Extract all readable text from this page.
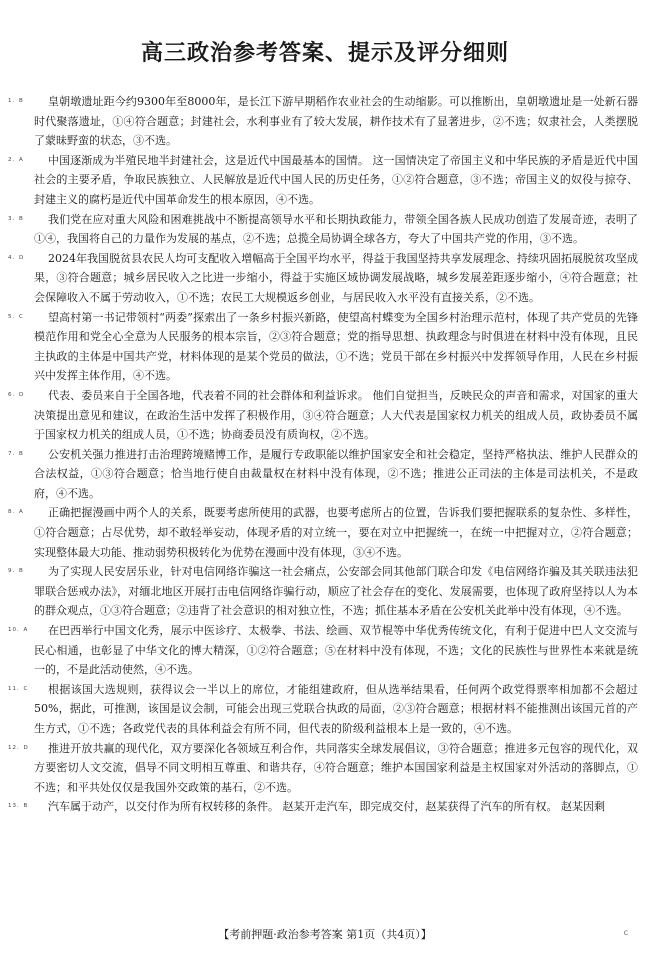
高三政治参考答案、提示及评分细则
1．B	皇朝墩遗址距今约9300年至8000年，是长江下游早期稻作农业社会的生动缩影。可以推断出，皇朝墩遗址是一处新石器时代聚落遗址，①④符合题意；封建社会，水利事业有了较大发展，耕作技术有了显著进步，②不选；奴隶社会，人类摆脱了蒙昧野蛮的状态，③不选。
2．A	中国逐渐成为半殖民地半封建社会，这是近代中国最基本的国情。 这一国情决定了帝国主义和中华民族的矛盾是近代中国社会的主要矛盾，争取民族独立、人民解放是近代中国人民的历史任务，①②符合题意，③不选；帝国主义的奴役与掠夺、封建主义的腐朽是近代中国革命发生的根本原因，④不选。
3．B	我们党在应对重大风险和困难挑战中不断提高领导水平和长期执政能力，带领全国各族人民成功创造了发展奇迹，表明了①④，我国将自己的力量作为发展的基点，②不选；总揽全局协调全球各方，夸大了中国共产党的作用，③不选。
4．D	2024年我国脱贫县农民人均可支配收入增幅高于全国平均水平，得益于我国坚持共享发展理念、持续巩固拓展脱贫攻坚成果，③符合题意；城乡居民收入之比进一步缩小，得益于实施区域协调发展战略，城乡发展差距逐步缩小，④符合题意；社会保障收入不属于劳动收入，①不选；农民工大规模返乡创业，与居民收入水平没有直接关系，②不选。
5．C	望高村第一书记带领村“两委”探索出了一条乡村振兴新路，使望高村蝶变为全国乡村治理示范村，体现了共产党员的先锋模范作用和党全心全意为人民服务的根本宗旨，②③符合题意；党的指导思想、执政理念与时俱进在材料中没有体现，且民主执政的主体是中国共产党，材料体现的是某个党员的做法，①不选；党员干部在乡村振兴中发挥领导作用，人民在乡村振兴中发挥主体作用，④不选。
6．D	代表、委员来自于全国各地，代表着不同的社会群体和利益诉求。 他们自觉担当，反映民众的声音和需求，对国家的重大决策提出意见和建议，在政治生活中发挥了积极作用，③④符合题意；人大代表是国家权力机关的组成人员，政协委员不属于国家权力机关的组成人员，①不选；协商委员没有质询权，②不选。
7．B	公安机关强力推进打击治理跨境赌博工作，是履行专政职能以维护国家安全和社会稳定，坚持严格执法、维护人民群众的合法权益，①③符合题意；恰当地行使自由裁量权在材料中没有体现，②不选；推进公正司法的主体是司法机关，不是政府，④不选。
8．A	正确把握漫画中两个人的关系，既要考虑所使用的武器，也要考虑所占的位置，告诉我们要把握联系的复杂性、多样性，①符合题意；占尽优势，却不敢轻举妄动，体现矛盾的对立统一，要在对立中把握统一，在统一中把握对立，②符合题意；实现整体最大功能、推动弱势积极转化为优势在漫画中没有体现，③④不选。
9．B	为了实现人民安居乐业，针对电信网络诈骗这一社会痛点，公安部会同其他部门联合印发《电信网络诈骗及其关联违法犯罪联合惩戒办法》，对缅北地区开展打击电信网络诈骗行动，顺应了社会存在的变化、发展需要，也体现了政府坚持以人为本的群众观点，①③符合题意；②违背了社会意识的相对独立性，不选；抓住基本矛盾在公安机关此举中没有体现，④不选。
10．A	在巴西举行中国文化秀，展示中医诊疗、太极拳、书法、绘画、双节棍等中华优秀传统文化，有利于促进中巴人文交流与民心相通，也彰显了中华文化的博大精深，①②符合题意；⑤在材料中没有体现，不选；文化的民族性与世界性本来就是统一的，不是此活动使然，④不选。
11．C	根据该国大选规则，获得议会一半以上的席位，才能组建政府，但从选举结果看，任何两个政党得票率相加都不会超过50%，据此，可推测，该国是议会制，可能会出现三党联合执政的局面，②③符合题意；根据材料不能推测出该国元首的产生方式，①不选；各政党代表的具体利益会有所不同，但代表的阶级利益根本上是一致的，④不选。
12．D	推进开放共赢的现代化，双方要深化各领域互利合作，共同落实全球发展倡议，③符合题意；推进多元包容的现代化，双方要密切人文交流，倡导不同文明相互尊重、和谐共存，④符合题意；维护本国国家利益是主权国家对外活动的落脚点，①不选；和平共处仅仅是我国外交政策的基石，②不选。
13．B	汽车属于动产，以交付作为所有权转移的条件。 赵某开走汽车，即完成交付，赵某获得了汽车的所有权。 赵某因剩
【考前押题·政治参考答案 第1页（共4页）】	C
